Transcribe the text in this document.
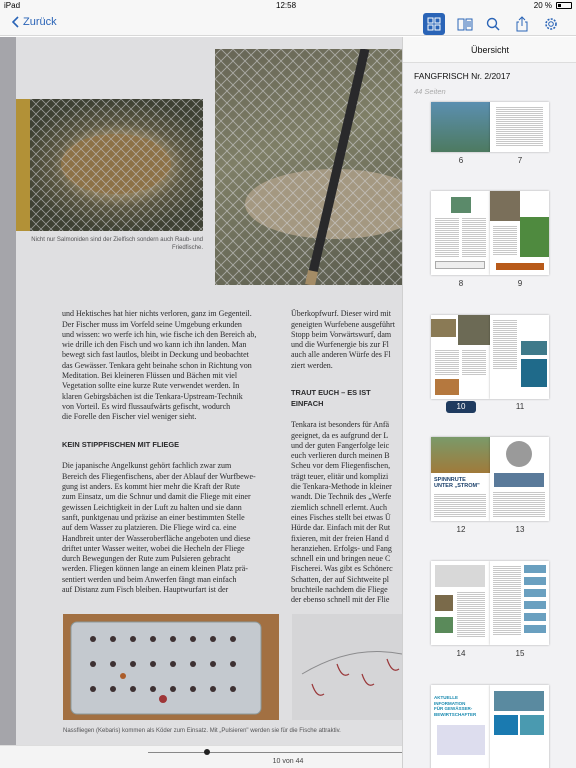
iPad	12:58	20 %
Zurück
Nicht nur Salmoniden sind der Zielfisch sondern auch Raub- und Friedfische.

und Hektisches hat hier nichts verloren, ganz im Gegenteil.
Der Fischer muss im Vorfeld seine Umgebung erkunden
und wissen: wo werfe ich hin, wie fische ich den Bereich ab,
wie drille ich den Fisch und wo kann ich ihn landen. Man
bewegt sich fast lautlos, bleibt in Deckung und beobachtet
das Gewässer. Tenkara geht beinahe schon in Richtung von
Meditation. Bei kleineren Flüssen und Bächen mit viel
Vegetation sollte eine kurze Rute verwendet werden. In
klaren Gebirgsbächen ist die Tenkara-Upstream-Technik
von Vorteil. Es wird flussaufwärts gefischt, wodurch
die Forelle den Fischer viel weniger sieht.

KEIN STIPPFISCHEN MIT FLIEGE

Die japanische Angelkunst gehört fachlich zwar zum
Bereich des Fliegenfischens, aber der Ablauf der Wurfbewe-
gung ist anders. Es kommt hier mehr die Kraft der Rute
zum Einsatz, um die Schnur und damit die Fliege mit einer
gewissen Leichtigkeit in der Luft zu halten und sie dann
sanft, punktgenau und präzise an einer bestimmten Stelle
auf dem Wasser zu platzieren. Die Fliege wird ca. eine
Handbreit unter der Wasseroberfläche angeboten und diese
driftet unter Wasser weiter, wobei die Hecheln der Fliege
durch Bewegungen der Rute zum Pulsieren gebracht
werden. Fliegen können lange an einem kleinen Platz prä-
sentiert werden und beim Anwerfen fängt man einfach
auf Distanz zum Fisch bleiben. Hauptwurfart ist der

Überkopfwurf. Dieser wird mit
geneigten Wurfebene ausgeführt
Stopp beim Vorwärtswurf, dam
und die Wurfenergie bis zur Fl
auch alle anderen Würfe des Fl
ziert werden.

TRAUT EUCH – ES IST EINFACH

Tenkara ist besonders für Anfä
geeignet, da es aufgrund der L
und der guten Fangerfolge leic
euch verlieren durch meinen B
Scheu vor dem Fliegenfischen,
trägt teuer, elitär und komplizi
die Tenkara-Methode in kleiner
wandt. Die Technik des „Werfe
ziemlich schnell erlernt. Auch
eines Fisches stellt bei etwas Ü
Hürde dar. Einfach mit der Rut
fixieren, mit der freien Hand d
heranziehen. Erfolgs- und Fang
schnell ein und bringen neue C
Fischerei. Was gibt es Schönerc
Schatten, der auf Sichtweite pl
bruchteile nachdem die Fliege
der ebenso schnell mit der Flie

Nassfliegen (Kebaris) kommen als Köder zum Einsatz. Mit „Pulsieren" werden sie für die Fische attraktiv.
10 von 44
Übersicht
FANGFRISCH Nr. 2/2017
44 Seiten
6	7
8	9
10	11
SPINNRUTE UNTER „STROM"
12	13
14	15
AKTUELLE INFORMATION FÜR GEWÄSSER-BEWIRTSCHAFTER
